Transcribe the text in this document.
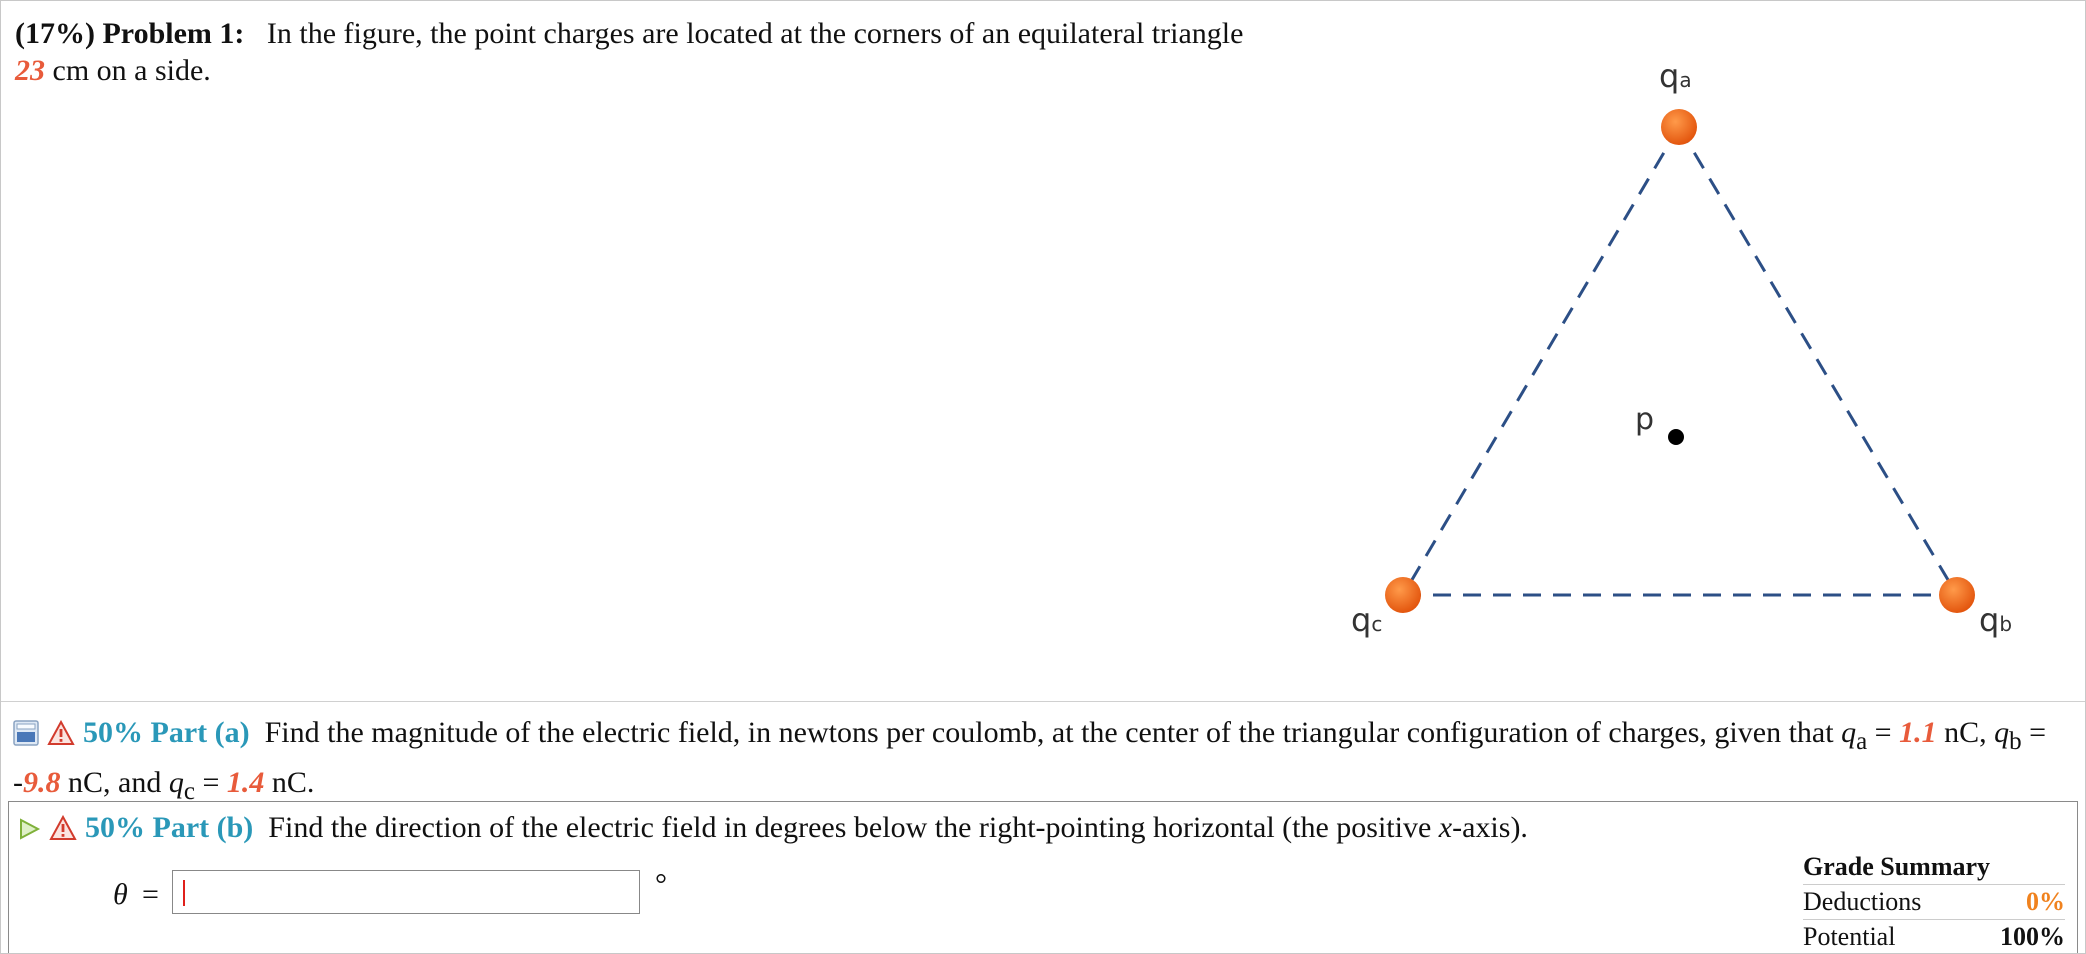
(17%) Problem 1: In the figure, the point charges are located at the corners of an equilateral triangle 23 cm on a side.	qa
qc	qb
p
50% Part (a) Find the magnitude of the electric field, in newtons per coulomb, at the center of the triangular configuration of charges, given that $q_a = 1.1$ nC, $q_b = -9.8$ nC, and $q_c = 1.4$ nC.
50% Part (b) Find the direction of the electric field in degrees below the right-pointing horizontal (the positive x-axis).
θ =	°
Grade Summary
Deductions	0%
Potential	100%
